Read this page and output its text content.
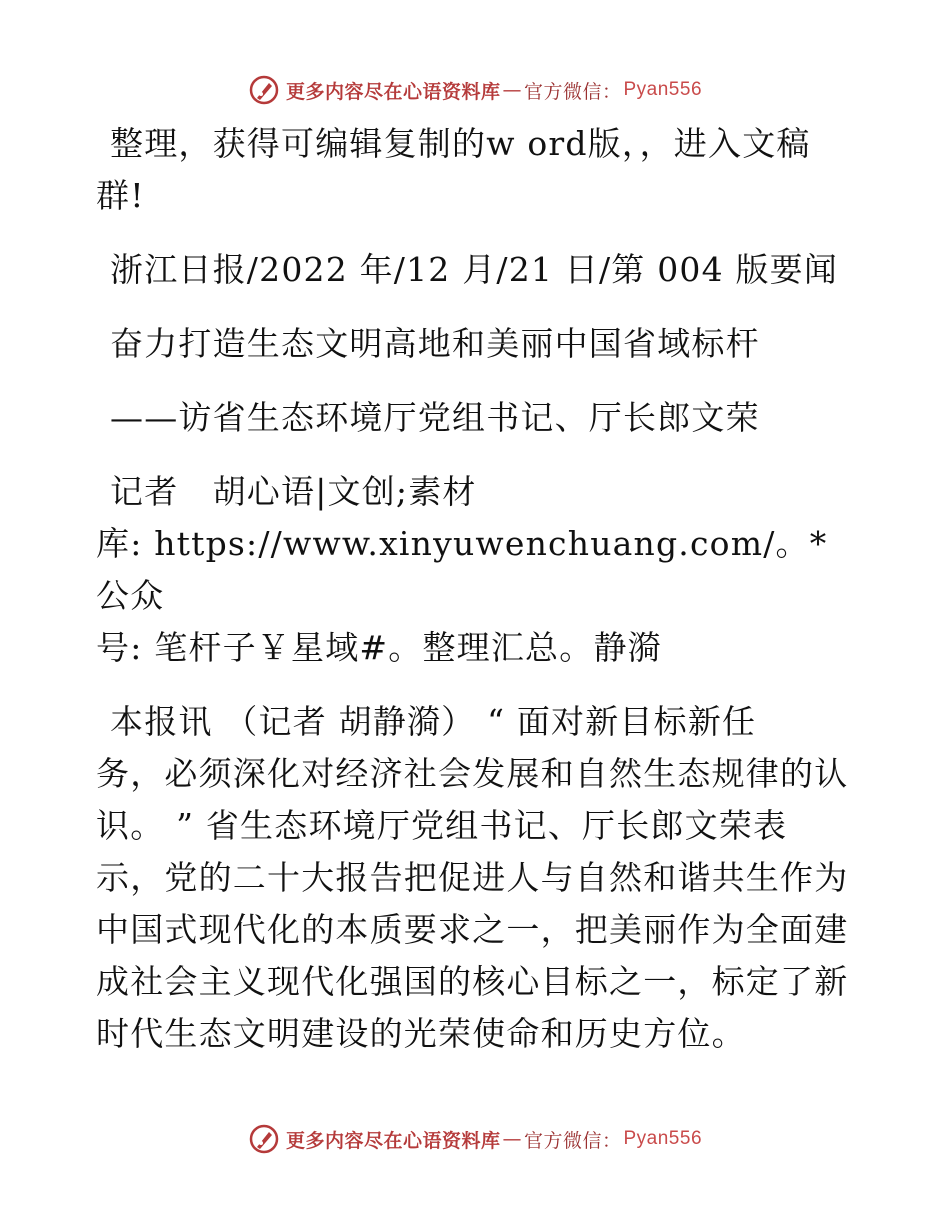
更多内容尽在心语资料库 — 官方微信： Pyan556

整理，获得可编辑复制的w ord版，，进入文稿

群!

浙江日报/2022 年/12 月/21 日/第 004 版要闻

奋力打造生态文明高地和美丽中国省域标杆

——访省生态环境厅党组书记、厅长郎文荣

记者　胡心语|文创;素材

库: https://www.xinyuwenchuang.com/。*公众

号: 笔杆子￥星域#。整理汇总。静漪

本报讯 （记者 胡静漪） “ 面对新目标新任

务，必须深化对经济社会发展和自然生态规律的认

识。 ” 省生态环境厅党组书记、厅长郎文荣表

示，党的二十大报告把促进人与自然和谐共生作为

中国式现代化的本质要求之一，把美丽作为全面建

成社会主义现代化强国的核心目标之一，标定了新

时代生态文明建设的光荣使命和历史方位。

更多内容尽在心语资料库 — 官方微信： Pyan556
